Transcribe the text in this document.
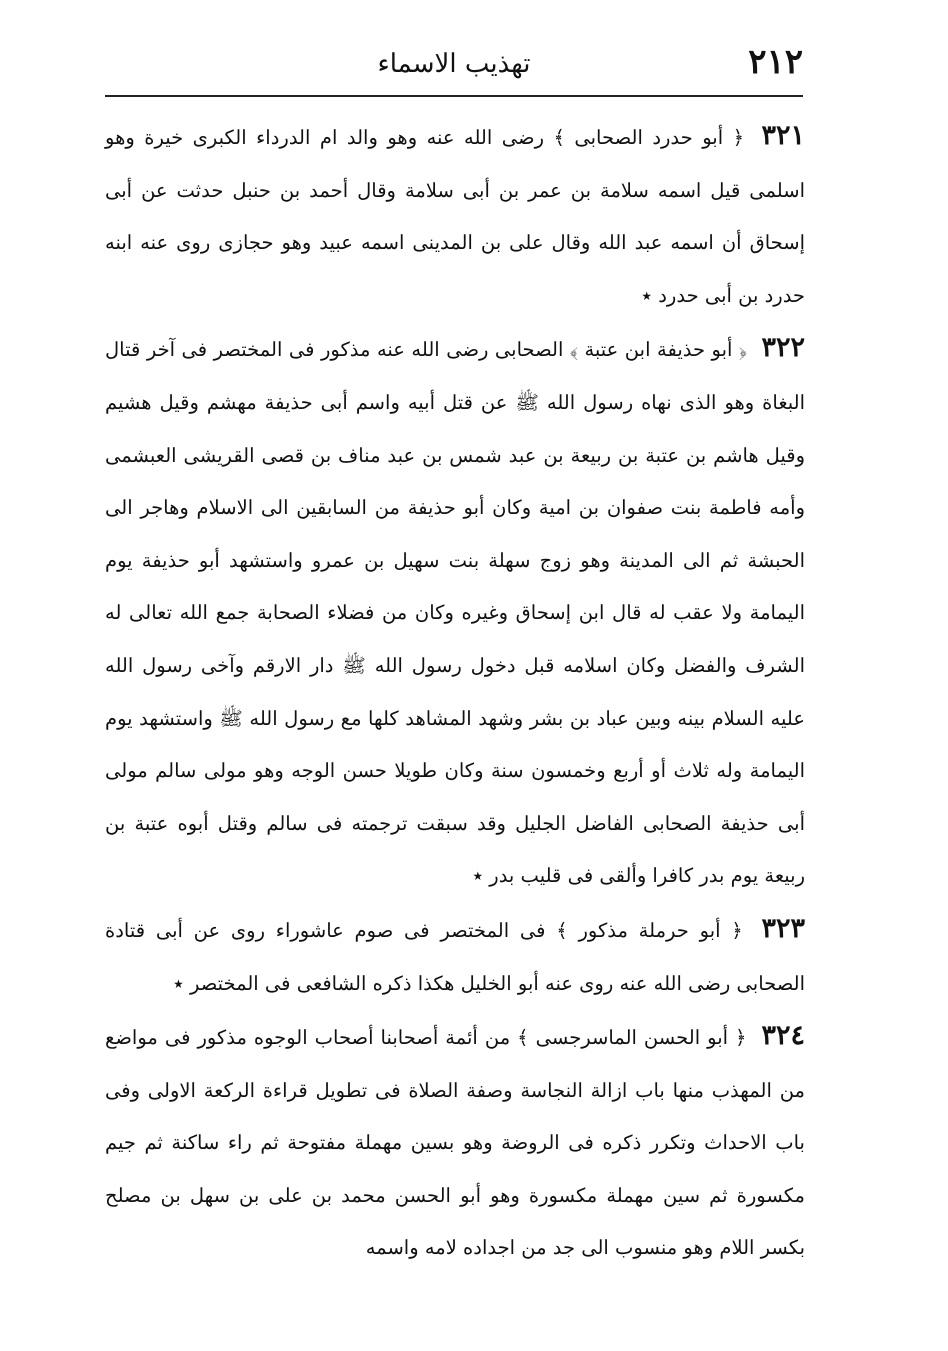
٢١٢
تهذيب الاسماء

٣٢١ ﴿ أبو حدرد الصحابى ﴾ رضى الله عنه وهو والد ام الدرداء الكبرى خيرة وهو اسلمى قيل اسمه سلامة بن عمر بن أبى سلامة وقال أحمد بن حنبل حدثت عن أبى إسحاق أن اسمه عبد الله وقال على بن المدينى اسمه عبيد وهو حجازى روى عنه ابنه حدرد بن أبى حدرد ٭

٣٢٢ ﴿ أبو حذيفة ابن عتبة ﴾ الصحابى رضى الله عنه مذكور فى المختصر فى آخر قتال البغاة وهو الذى نهاه رسول الله ﷺ عن قتل أبيه واسم أبى حذيفة مهشم وقيل هشيم وقيل هاشم بن عتبة بن ربيعة بن عبد شمس بن عبد مناف بن قصى القريشى العبشمى وأمه فاطمة بنت صفوان بن امية وكان أبو حذيفة من السابقين الى الاسلام وهاجر الى الحبشة ثم الى المدينة وهو زوج سهلة بنت سهيل بن عمرو واستشهد أبو حذيفة يوم اليمامة ولا عقب له قال ابن إسحاق وغيره وكان من فضلاء الصحابة جمع الله تعالى له الشرف والفضل وكان اسلامه قبل دخول رسول الله ﷺ دار الارقم وآخى رسول الله عليه السلام بينه وبين عباد بن بشر وشهد المشاهد كلها مع رسول الله ﷺ واستشهد يوم اليمامة وله ثلاث أو أربع وخمسون سنة وكان طويلا حسن الوجه وهو مولى سالم مولى أبى حذيفة الصحابى الفاضل الجليل وقد سبقت ترجمته فى سالم وقتل أبوه عتبة بن ربيعة يوم بدر كافرا وألقى فى قليب بدر ٭

٣٢٣ ﴿ أبو حرملة مذكور ﴾ فى المختصر فى صوم عاشوراء روى عن أبى قتادة الصحابى رضى الله عنه روى عنه أبو الخليل هكذا ذكره الشافعى فى المختصر ٭

٣٢٤ ﴿ أبو الحسن الماسرجسى ﴾ من أئمة أصحابنا أصحاب الوجوه مذكور فى مواضع من المهذب منها باب ازالة النجاسة وصفة الصلاة فى تطويل قراءة الركعة الاولى وفى باب الاحداث وتكرر ذكره فى الروضة وهو بسين مهملة مفتوحة ثم راء ساكنة ثم جيم مكسورة ثم سين مهملة مكسورة وهو أبو الحسن محمد بن على بن سهل بن مصلح بكسر اللام وهو منسوب الى جد من اجداده لامه واسمه
